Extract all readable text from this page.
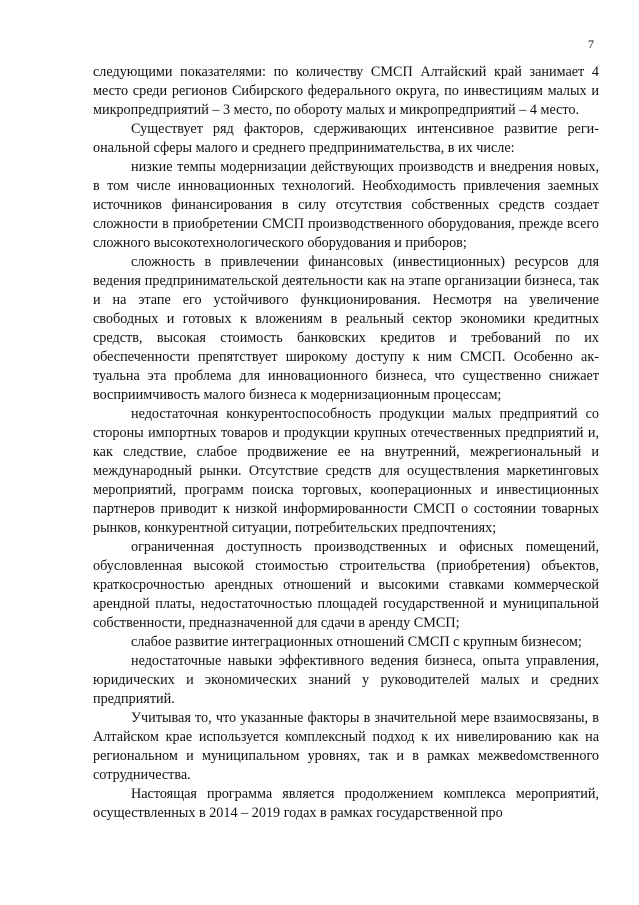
7

следующими показателями: по количеству СМСП Алтайский край занимает 4 место среди регионов Сибирского федерального округа, по инвестициям малых и микропредприятий – 3 место, по обороту малых и микропредприятий – 4 место.

Существует ряд факторов, сдерживающих интенсивное развитие региональной сферы малого и среднего предпринимательства, в их числе:

низкие темпы модернизации действующих производств и внедрения новых, в том числе инновационных технологий. Необходимость привлечения заемных источников финансирования в силу отсутствия собственных средств создает сложности в приобретении СМСП производственного оборудования, прежде всего сложного высокотехнологического оборудования и приборов;

сложность в привлечении финансовых (инвестиционных) ресурсов для ведения предпринимательской деятельности как на этапе организации бизнеса, так и на этапе его устойчивого функционирования. Несмотря на увеличение свободных и готовых к вложениям в реальный сектор экономики кредитных средств, высокая стоимость банковских кредитов и требований по их обеспеченности препятствует широкому доступу к ним СМСП. Особенно актуальна эта проблема для инновационного бизнеса, что существенно снижает восприимчивость малого бизнеса к модернизационным процессам;

недостаточная конкурентоспособность продукции малых предприятий со стороны импортных товаров и продукции крупных отечественных предприятий и, как следствие, слабое продвижение ее на внутренний, межрегиональный и международный рынки. Отсутствие средств для осуществления маркетинговых мероприятий, программ поиска торговых, кооперационных и инвестиционных партнеров приводит к низкой информированности СМСП о состоянии товарных рынков, конкурентной ситуации, потребительских предпочтениях;

ограниченная доступность производственных и офисных помещений, обусловленная высокой стоимостью строительства (приобретения) объектов, краткосрочностью арендных отношений и высокими ставками коммерческой арендной платы, недостаточностью площадей государственной и муниципальной собственности, предназначенной для сдачи в аренду СМСП;

слабое развитие интеграционных отношений СМСП с крупным бизнесом;

недостаточные навыки эффективного ведения бизнеса, опыта управления, юридических и экономических знаний у руководителей малых и средних предприятий.

Учитывая то, что указанные факторы в значительной мере взаимосвязаны, в Алтайском крае используется комплексный подход к их нивелированию как на региональном и муниципальном уровнях, так и в рамках межвеdомственного сотрудничества.

Настоящая программа является продолжением комплекса мероприятий, осуществленных в 2014 – 2019 годах в рамках государственной про
